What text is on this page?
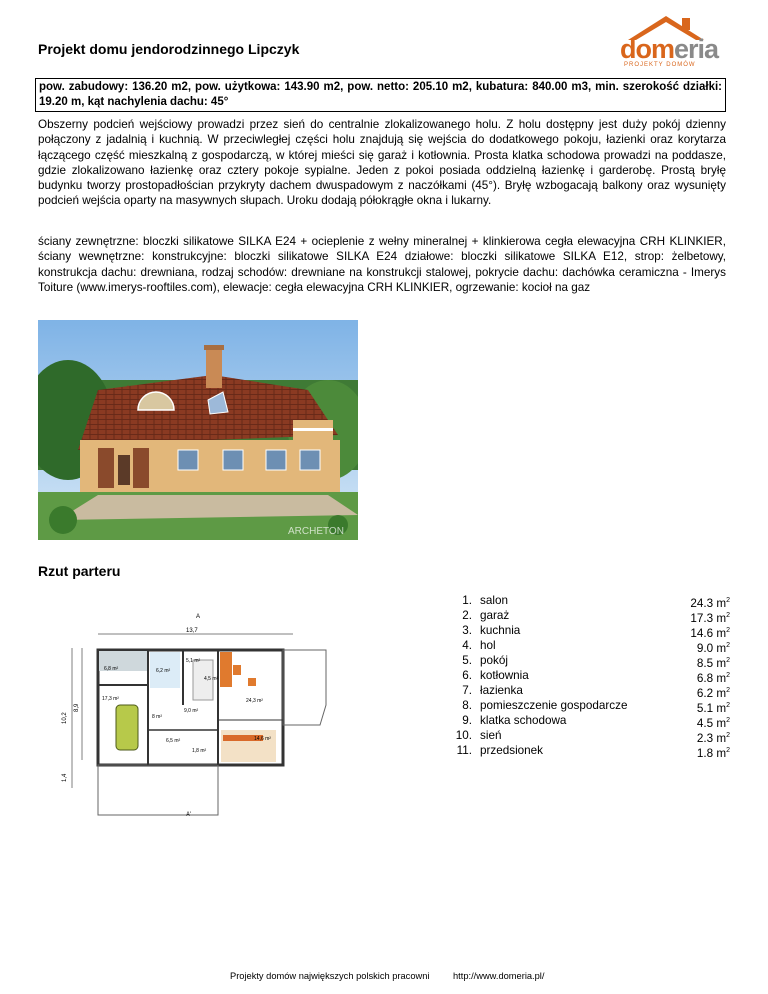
Projekt domu jendorodzinnego Lipczyk	domeria
PROJEKTY DOMÓW
pow. zabudowy: 136.20 m2, pow. użytkowa: 143.90 m2, pow. netto: 205.10 m2, kubatura: 840.00 m3, min. szerokość działki: 19.20 m, kąt nachylenia dachu: 45°

Obszerny podcień wejściowy prowadzi przez sień do centralnie zlokalizowanego holu. Z holu dostępny jest duży pokój dzienny połączony z jadalnią i kuchnią. W przeciwległej części holu znajdują się wejścia do dodatkowego pokoju, łazienki oraz korytarza łączącego część mieszkalną z gospodarczą, w której mieści się garaż i kotłownia. Prosta klatka schodowa prowadzi na poddasze, gdzie zlokalizowano łazienkę oraz cztery pokoje sypialne. Jeden z pokoi posiada oddzielną łazienkę i garderobę. Prostą bryłę budynku tworzy prostopadłościan przykryty dachem dwuspadowym z naczółkami (45°). Bryłę wzbogacają balkony oraz wysunięty podcień wejścia oparty na masywnych słupach. Uroku dodają półokrągłe okna i lukarny.

ściany zewnętrzne: bloczki silikatowe SILKA E24 + ocieplenie z wełny mineralnej + klinkierowa cegła elewacyjna CRH KLINKIER, ściany wewnętrzne: konstrukcyjne: bloczki silikatowe SILKA E24 działowe: bloczki silikatowe SILKA E12, strop: żelbetowy, konstrukcja dachu: drewniana, rodzaj schodów: drewniane na konstrukcji stalowej, pokrycie dachu: dachówka ceramiczna - Imerys Toiture (www.imerys-rooftiles.com), elewacje: cegła elewacyjna CRH KLINKIER, ogrzewanie: kocioł na gaz

ARCHETON
Rzut parteru
13,7
A
A'
10,2
8,9
1,4
6,8 m²	6,2 m²
5,1 m²
17,3 m²	24,3 m²
9,0 m²
8 m²
14,6 m²
6,5 m²
1,8 m²
4,5 m²
1. salon	24.3 $m^2$
2. garaż	17.3 $m^2$
3. kuchnia	14.6 $m^2$
4. hol	9.0 $m^2$
5. pokój	8.5 $m^2$
6. kotłownia	6.8 $m^2$
7. łazienka	6.2 $m^2$
8. pomieszczenie gospodarcze	5.1 $m^2$
9. klatka schodowa	4.5 $m^2$
10. sień	2.3 $m^2$
11. przedsionek	1.8 $m^2$
Projekty domów największych polskich pracowni	http://www.domeria.pl/
